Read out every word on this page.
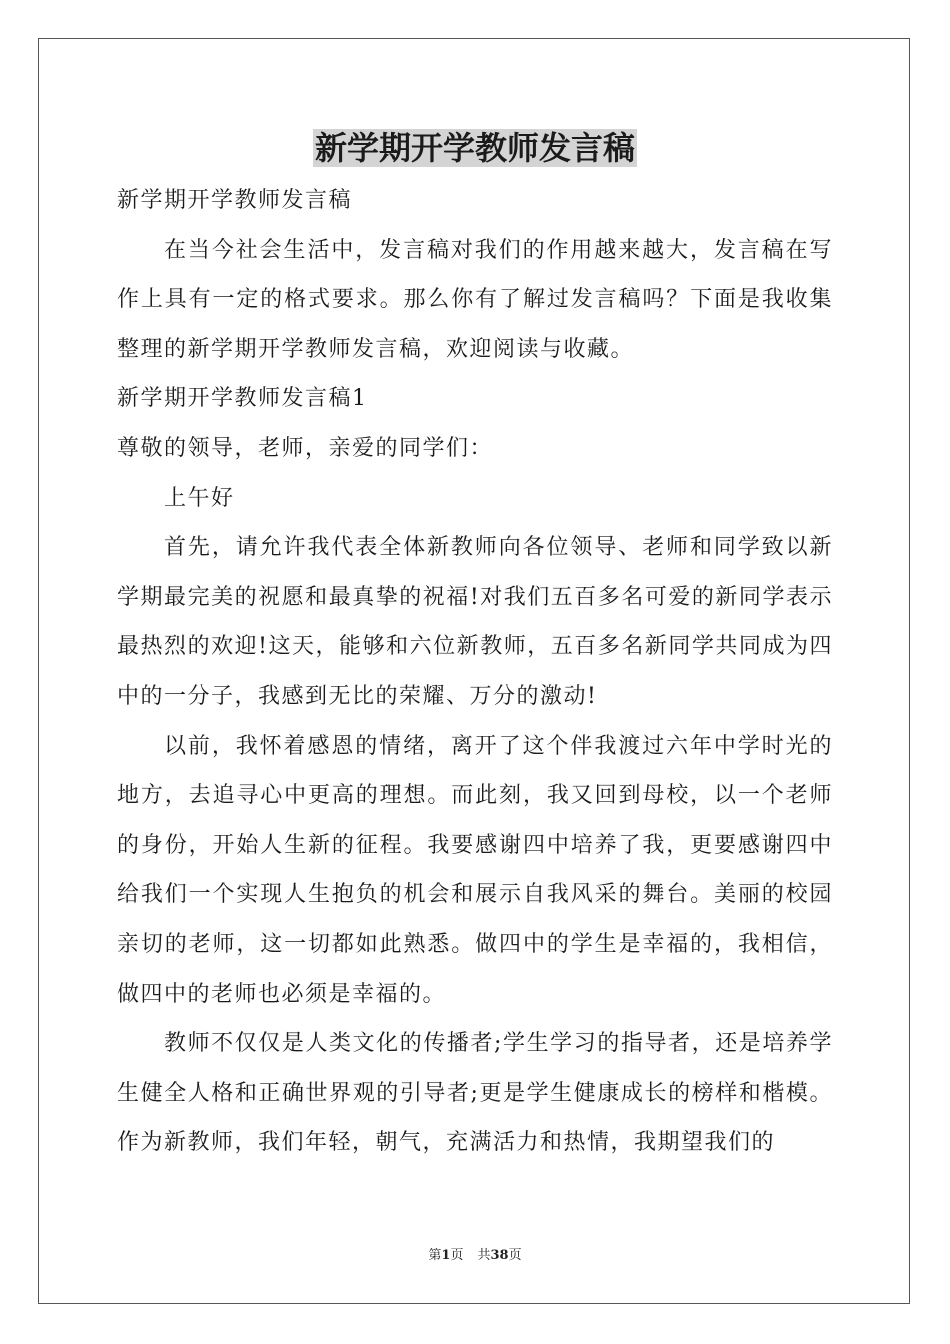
新学期开学教师发言稿

新学期开学教师发言稿

在当今社会生活中，发言稿对我们的作用越来越大，发言稿在写作上具有一定的格式要求。那么你有了解过发言稿吗？下面是我收集整理的新学期开学教师发言稿，欢迎阅读与收藏。

新学期开学教师发言稿1

尊敬的领导，老师，亲爱的同学们：

上午好

首先，请允许我代表全体新教师向各位领导、老师和同学致以新学期最完美的祝愿和最真挚的祝福!对我们五百多名可爱的新同学表示最热烈的欢迎!这天，能够和六位新教师，五百多名新同学共同成为四中的一分子，我感到无比的荣耀、万分的激动!

以前，我怀着感恩的情绪，离开了这个伴我渡过六年中学时光的地方，去追寻心中更高的理想。而此刻，我又回到母校，以一个老师的身份，开始人生新的征程。我要感谢四中培养了我，更要感谢四中给我们一个实现人生抱负的机会和展示自我风采的舞台。美丽的校园亲切的老师，这一切都如此熟悉。做四中的学生是幸福的，我相信，做四中的老师也必须是幸福的。

教师不仅仅是人类文化的传播者;学生学习的指导者，还是培养学生健全人格和正确世界观的引导者;更是学生健康成长的榜样和楷模。作为新教师，我们年轻，朝气，充满活力和热情，我期望我们的

第1页 共38页
